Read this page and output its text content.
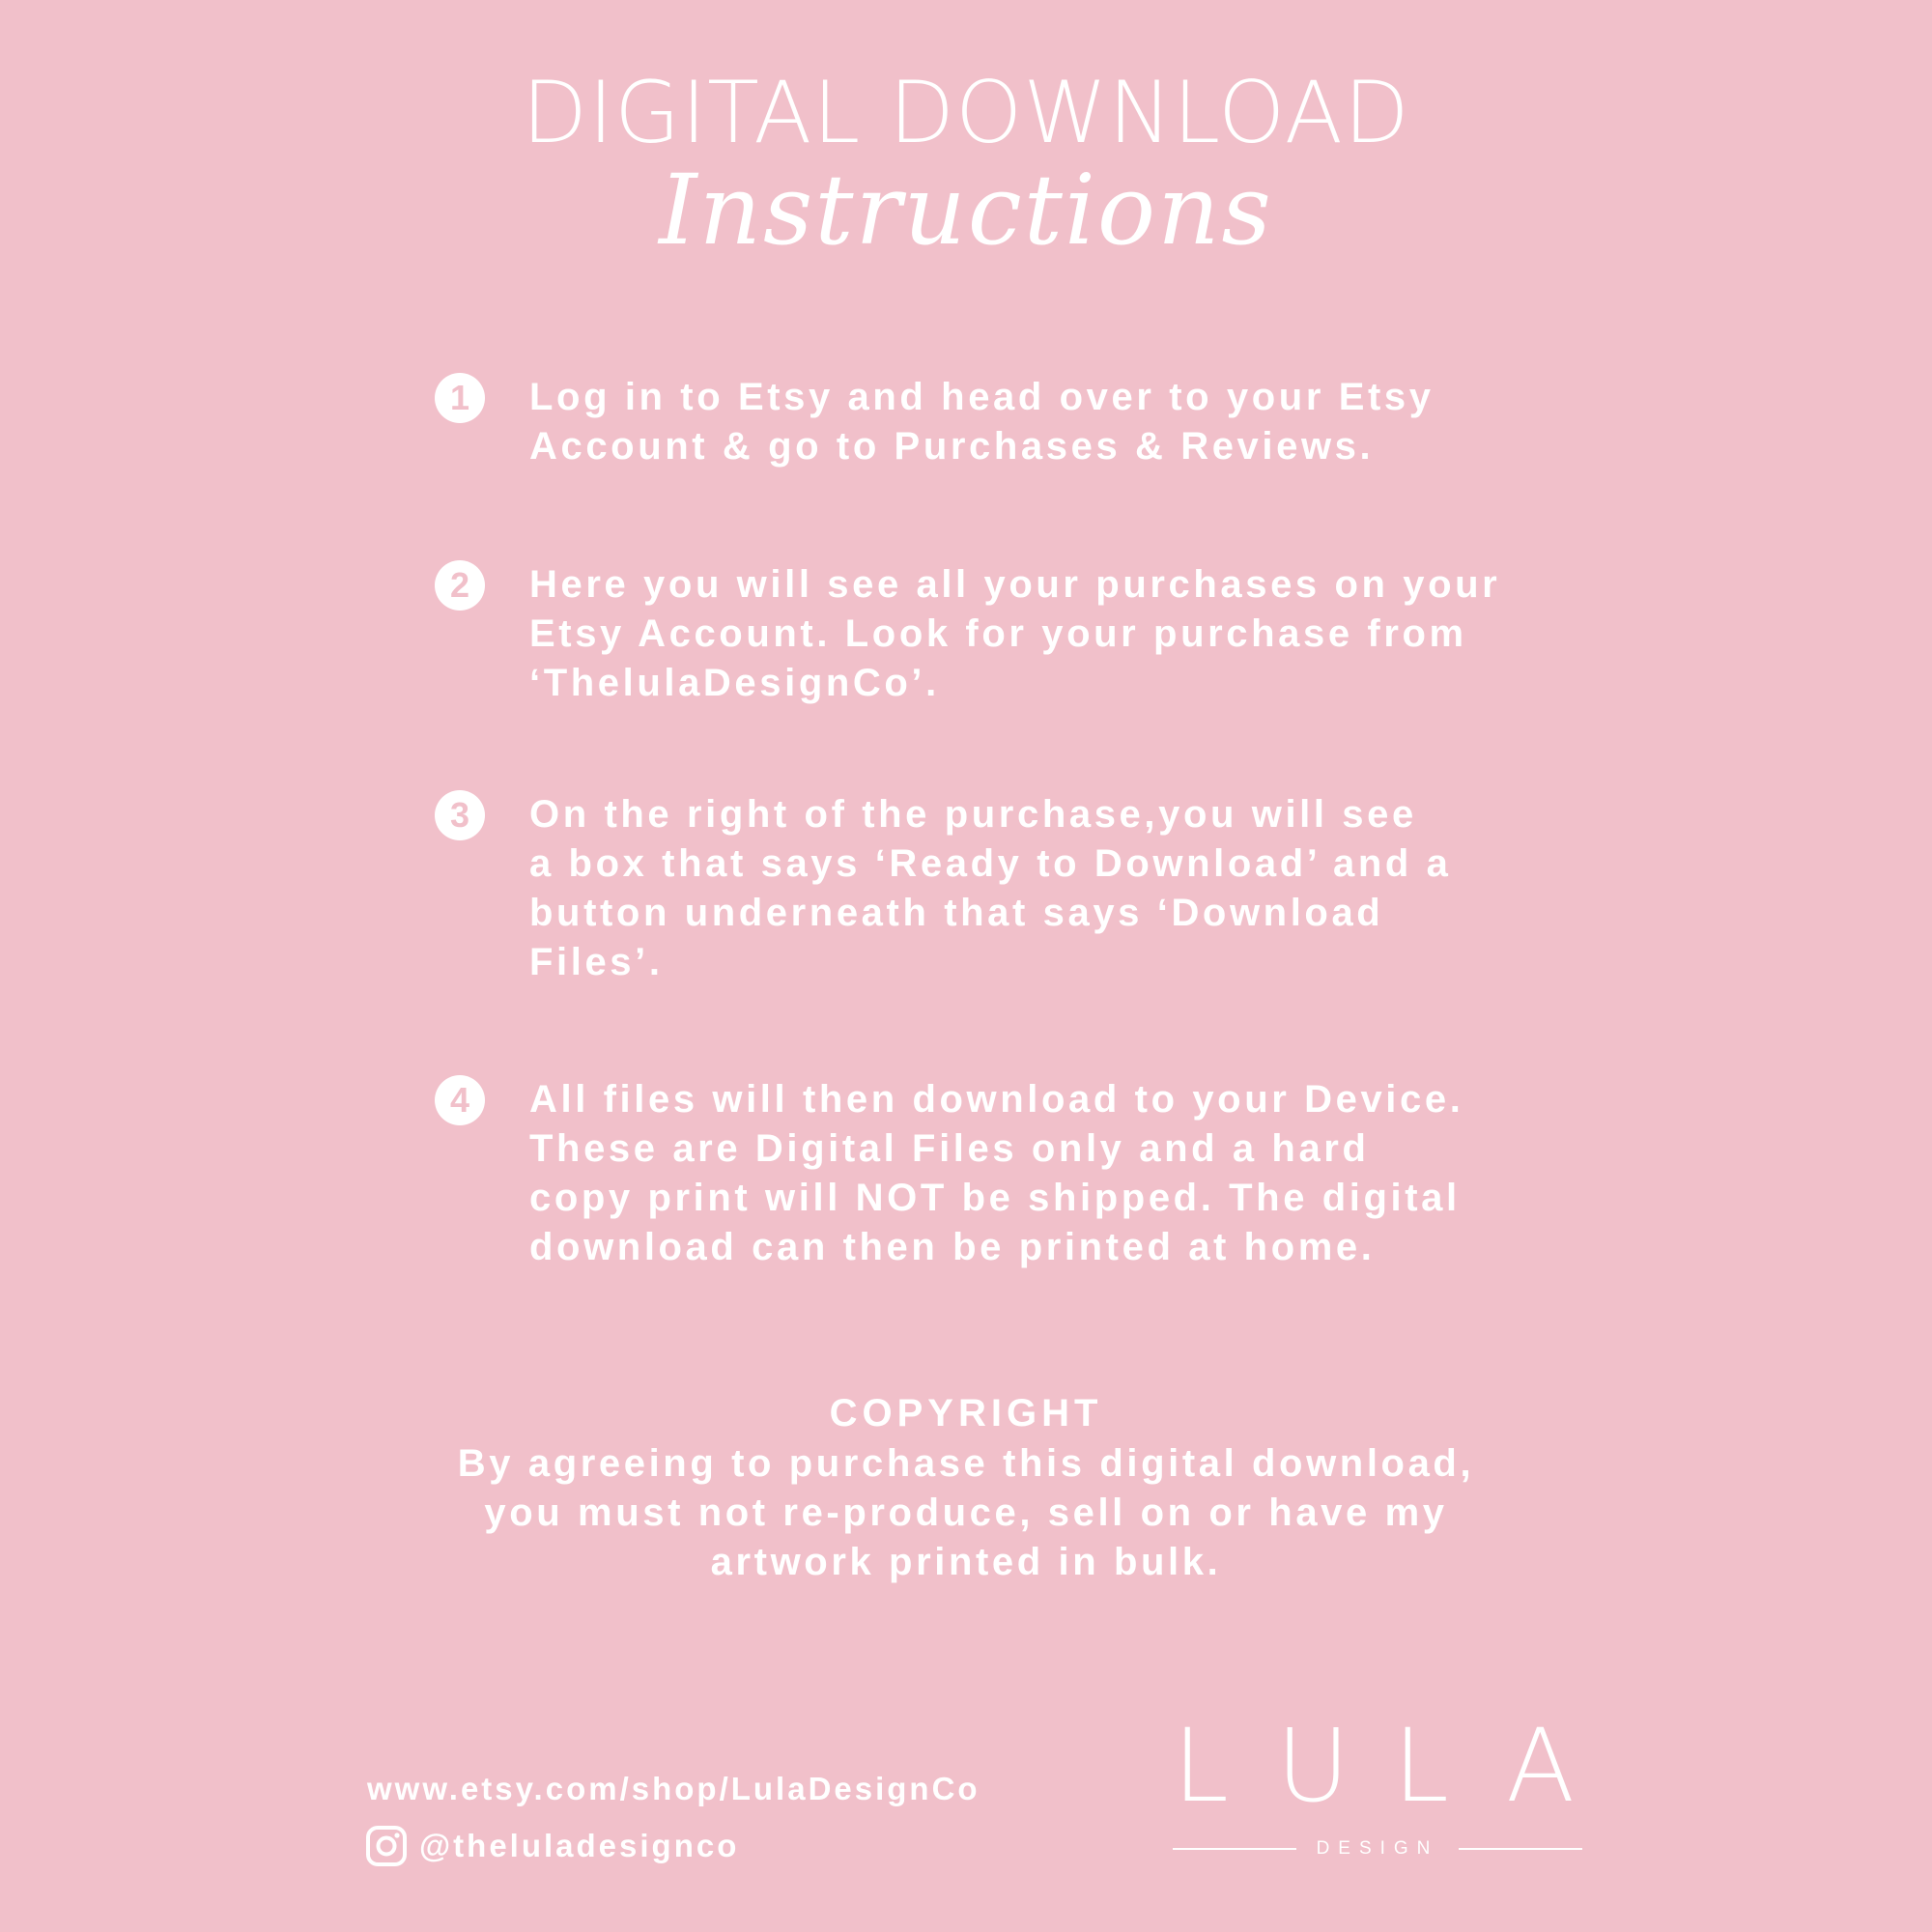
DIGITAL DOWNLOAD
Instructions
1	Log in to Etsy and head over to your Etsy
Account & go to Purchases & Reviews.
2	Here you will see all your purchases on your
Etsy Account. Look for your purchase from
‘ThelulaDesignCo’.
3	On the right of the purchase,you will see
a box that says ‘Ready to Download’ and a
button underneath that says ‘Download
Files’.
4	All files will then download to your Device.
These are Digital Files only and a hard
copy print will NOT be shipped. The digital
download can then be printed at home.
COPYRIGHT
By agreeing to purchase this digital download,
you must not re-produce, sell on or have my
artwork printed in bulk.
www.etsy.com/shop/LulaDesignCo
@theluladesignco
L U L A
DESIGN
